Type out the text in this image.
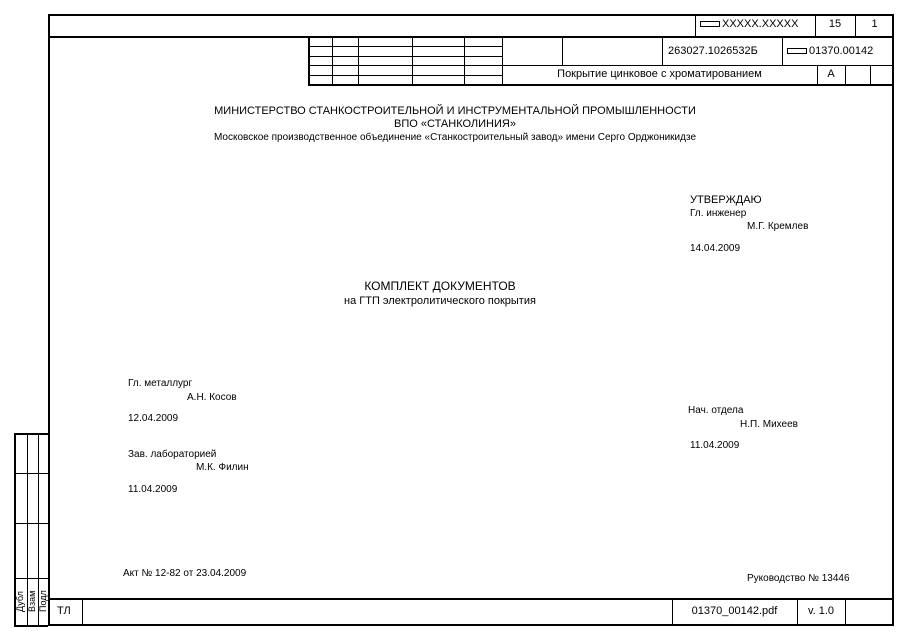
XXXXX.XXXXX	15	1
263027.1026532Б	01370.00142
Покрытие цинковое с хроматированием	A
МИНИСТЕРСТВО СТАНКОСТРОИТЕЛЬНОЙ И ИНСТРУМЕНТАЛЬНОЙ ПРОМЫШЛЕННОСТИ
ВПО «СТАНКОЛИНИЯ»
Московское производственное объединение «Станкостроительный завод» имени Серго Орджоникидзе
УТВЕРЖДАЮ
Гл. инженер
М.Г. Кремлев
14.04.2009
КОМПЛЕКТ ДОКУМЕНТОВ
на ГТП электролитического покрытия
Гл. металлург
А.Н. Косов
12.04.2009
Зав. лабораторией
М.К. Филин
11.04.2009
Нач. отдела
Н.П. Михеев
11.04.2009
Акт № 12-82 от 23.04.2009	Руководство № 13446
Дубл Взам Подл ТЛ	01370_00142.pdf	v. 1.0
